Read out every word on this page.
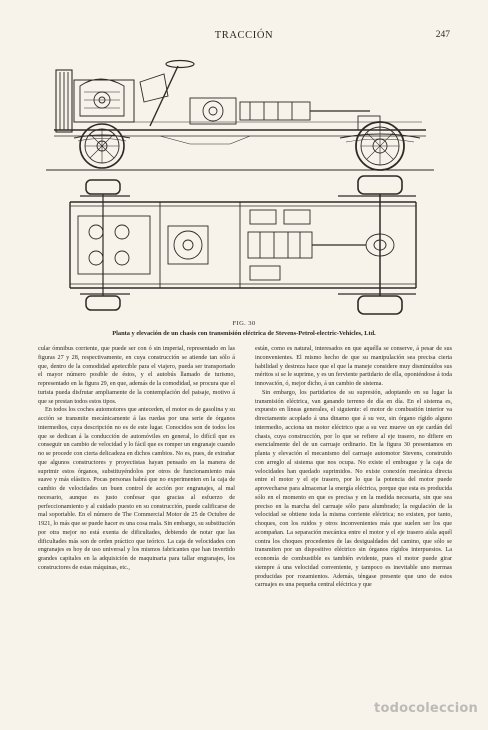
TRACCIÓN	247
FIG. 30
Planta y elevación de un chasis con transmisión eléctrica de Stevens-Petrol-electric-Vehicles, Ltd.

cular ómnibus corriente, que puede ser con ó sin imperial, representado en las figuras 27 y 28, respectivamente, en cuya construcción se atiende tan sólo á que, dentro de la comodidad apetecible para el viajero, pueda ser transportado el mayor número posible de éstos, y el autobús llamado de turismo, representado en la figura 29, en que, además de la comodidad, se procura que el turista pueda disfrutar ampliamente de la contemplación del paisaje, motivo á que se prestan todos estos tipos.

En todos los coches automotores que anteceden, el motor es de gasolina y su acción se transmite mecánicamente á las ruedas por una serie de órganos intermedios, cuya descripción no es de este lugar. Conocidos son de todos los que se dedican á la conducción de automóviles en general, lo difícil que es conseguir un cambio de velocidad y lo fácil que es romper un engranaje cuando no se procede con cierta delicadeza en dichos cambios. No es, pues, de extrañar que algunos constructores y proyectistas hayan pensado en la manera de suprimir estos órganos, substituyéndolos por otros de funcionamiento más suave y más elástico. Pocas personas habrá que no experimenten en la caja de cambio de velocidades un buen control de acción por engranajes, al mal necesario, aunque es justo confesar que gracias al esfuerzo de perfeccionamiento y al cuidado puesto en su construcción, puede calificarse de mal soportable. En el número de The Commercial Motor de 25 de Octubre de 1921, lo más que se puede hacer es una cosa mala. Sin embargo, su substitución por otra mejor no está exenta de dificultades, debiendo de notar que las dificultades más son de orden práctico que teórico. La caja de velocidades con engranajes es hoy de uso universal y los mismos fabricantes que han invertido grandes capitales en la adquisición de maquinaria para tallar engranajes, los constructores de estas máquinas, etc.,

están, como es natural, interesados en que aquélla se conserve, á pesar de sus inconvenientes. El mismo hecho de que su manipulación sea precisa cierta habilidad y destreza hace que el que la maneje considere muy disminuídos sus méritos si se le suprime, y es un ferviente partidario de ella, oponiéndose á toda innovación, ó, mejor dicho, á un cambio de sistema.

Sin embargo, los partidarios de su supresión, adoptando en su lugar la transmisión eléctrica, van ganando terreno de día en día. En el sistema es, expuesto en líneas generales, el siguiente: el motor de combustión interior va directamente acoplado á una dinamo que á su vez, sin órgano rígido alguno intermedio, acciona un motor eléctrico que a su vez mueve un eje cardán del chasis, cuya construcción, por lo que se refiere al eje trasero, no difiere en esencialmente del de un carruaje ordinario. En la figura 30 presentamos en planta y elevación el mecanismo del carruaje automotor Stevens, construido con arreglo al sistema que nos ocupa. No existe el embrague y la caja de velocidades han quedado suprimidos. No existe conexión mecánica directa entre el motor y el eje trasero, por lo que la potencia del motor puede aprovecharse para almacenar la energía eléctrica, porque que esta es producida sólo en el momento en que es precisa y en la medida necesaria, sin que sea preciso en la marcha del carruaje sólo para alumbrado; la regulación de la velocidad se obtiene toda la misma corriente eléctrica; no existen, por tanto, choques, con los ruidos y otros inconvenientes más que suelen ser los que acompañan. La separación mecánica entre el motor y el eje trasero aísla aquél contra los choques procedentes de las desigualdades del camino, que sólo se transmiten por un dispositivo eléctrico sin órganos rígidos interpuestos. La economía de combustible es también evidente, pues el motor puede girar siempre á una velocidad conveniente, y tampoco es inevitable uno mermas producidas por rozamientos. Además, téngase presente que uno de estos carruajes es una pequeña central eléctrica y que

todocoleccion
